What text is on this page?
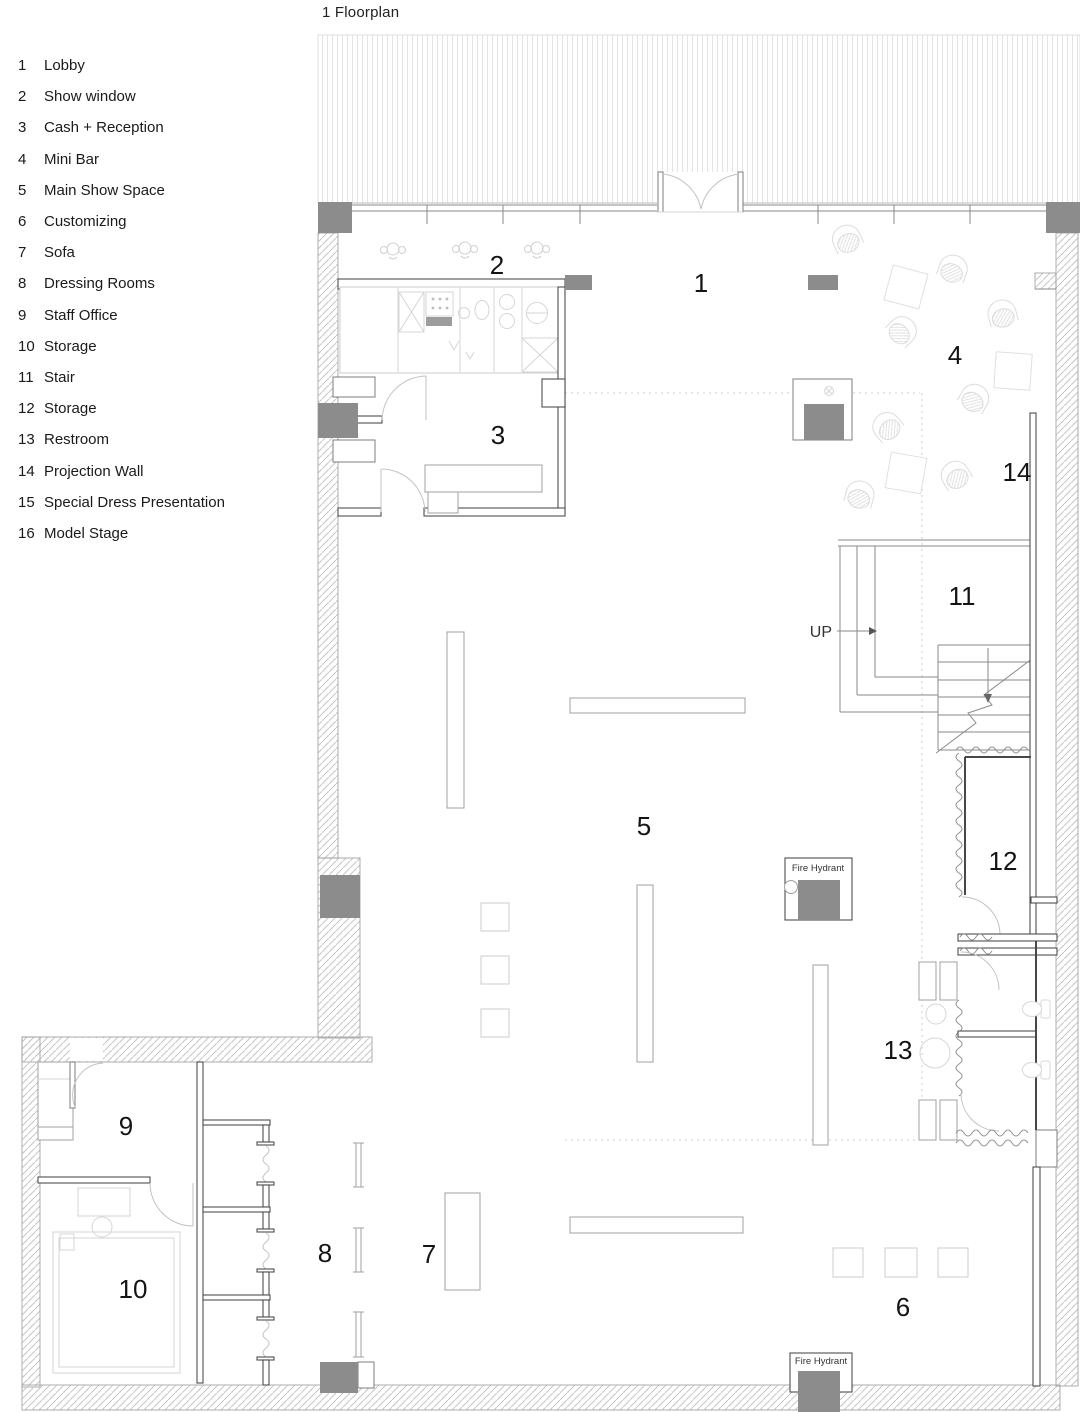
1 Floorplan
1	Lobby
2	Show window
3	Cash + Reception
4	Mini Bar
5	Main Show Space
6	Customizing
7	Sofa
8	Dressing Rooms
9	Staff Office
10 Storage
11 Stair
12 Storage
13 Restroom
14 Projection Wall
15 Special Dress Presentation
16 Model Stage
1
2
3
4
5
6
7
8
9
10
11
12
13
14
UP
Fire Hydrant
Fire Hydrant
